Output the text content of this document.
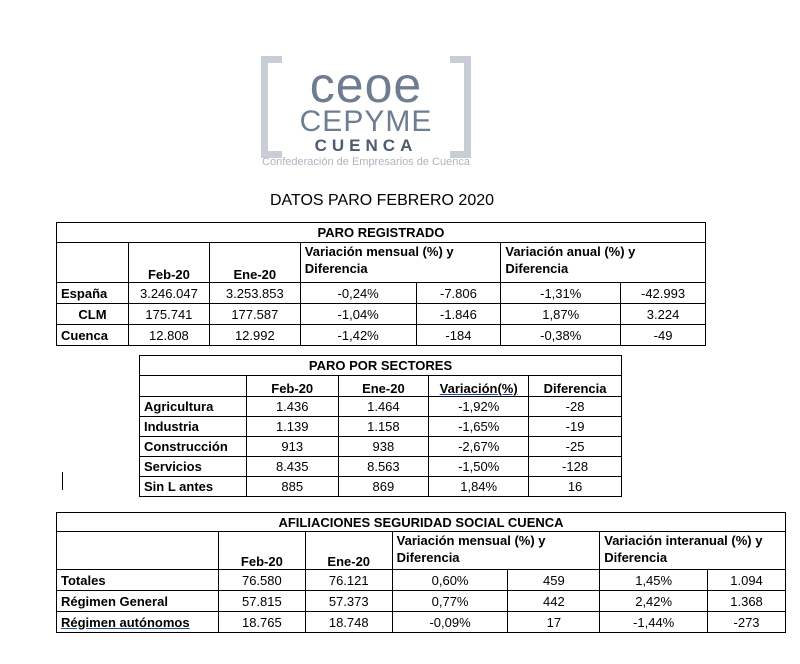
ceoe
CEPYME
CUENCA
Confederación de Empresarios de Cuenca
DATOS PARO FEBRERO 2020
PARO REGISTRADO						
	Feb-20	Ene-20	Variación mensual (%) y Diferencia		Variación anual (%) y Diferencia	
España	3.246.047	3.253.853	-0,24%	-7.806	-1,31%	-42.993
CLM	175.741	177.587	-1,04%	-1.846	1,87%	3.224
Cuenca	12.808	12.992	-1,42%	-184	-0,38%	-49
PARO POR SECTORES				
	Feb-20	Ene-20	Variación(%)	Diferencia
Agricultura	1.436	1.464	-1,92%	-28
Industria	1.139	1.158	-1,65%	-19
Construcción	913	938	-2,67%	-25
Servicios	8.435	8.563	-1,50%	-128
Sin L antes	885	869	1,84%	16
AFILIACIONES SEGURIDAD SOCIAL CUENCA						
	Feb-20	Ene-20	Variación mensual (%) y Diferencia		Variación interanual (%) y Diferencia	
Totales	76.580	76.121	0,60%	459	1,45%	1.094
Régimen General	57.815	57.373	0,77%	442	2,42%	1.368
Régimen autónomos	18.765	18.748	-0,09%	17	-1,44%	-273
